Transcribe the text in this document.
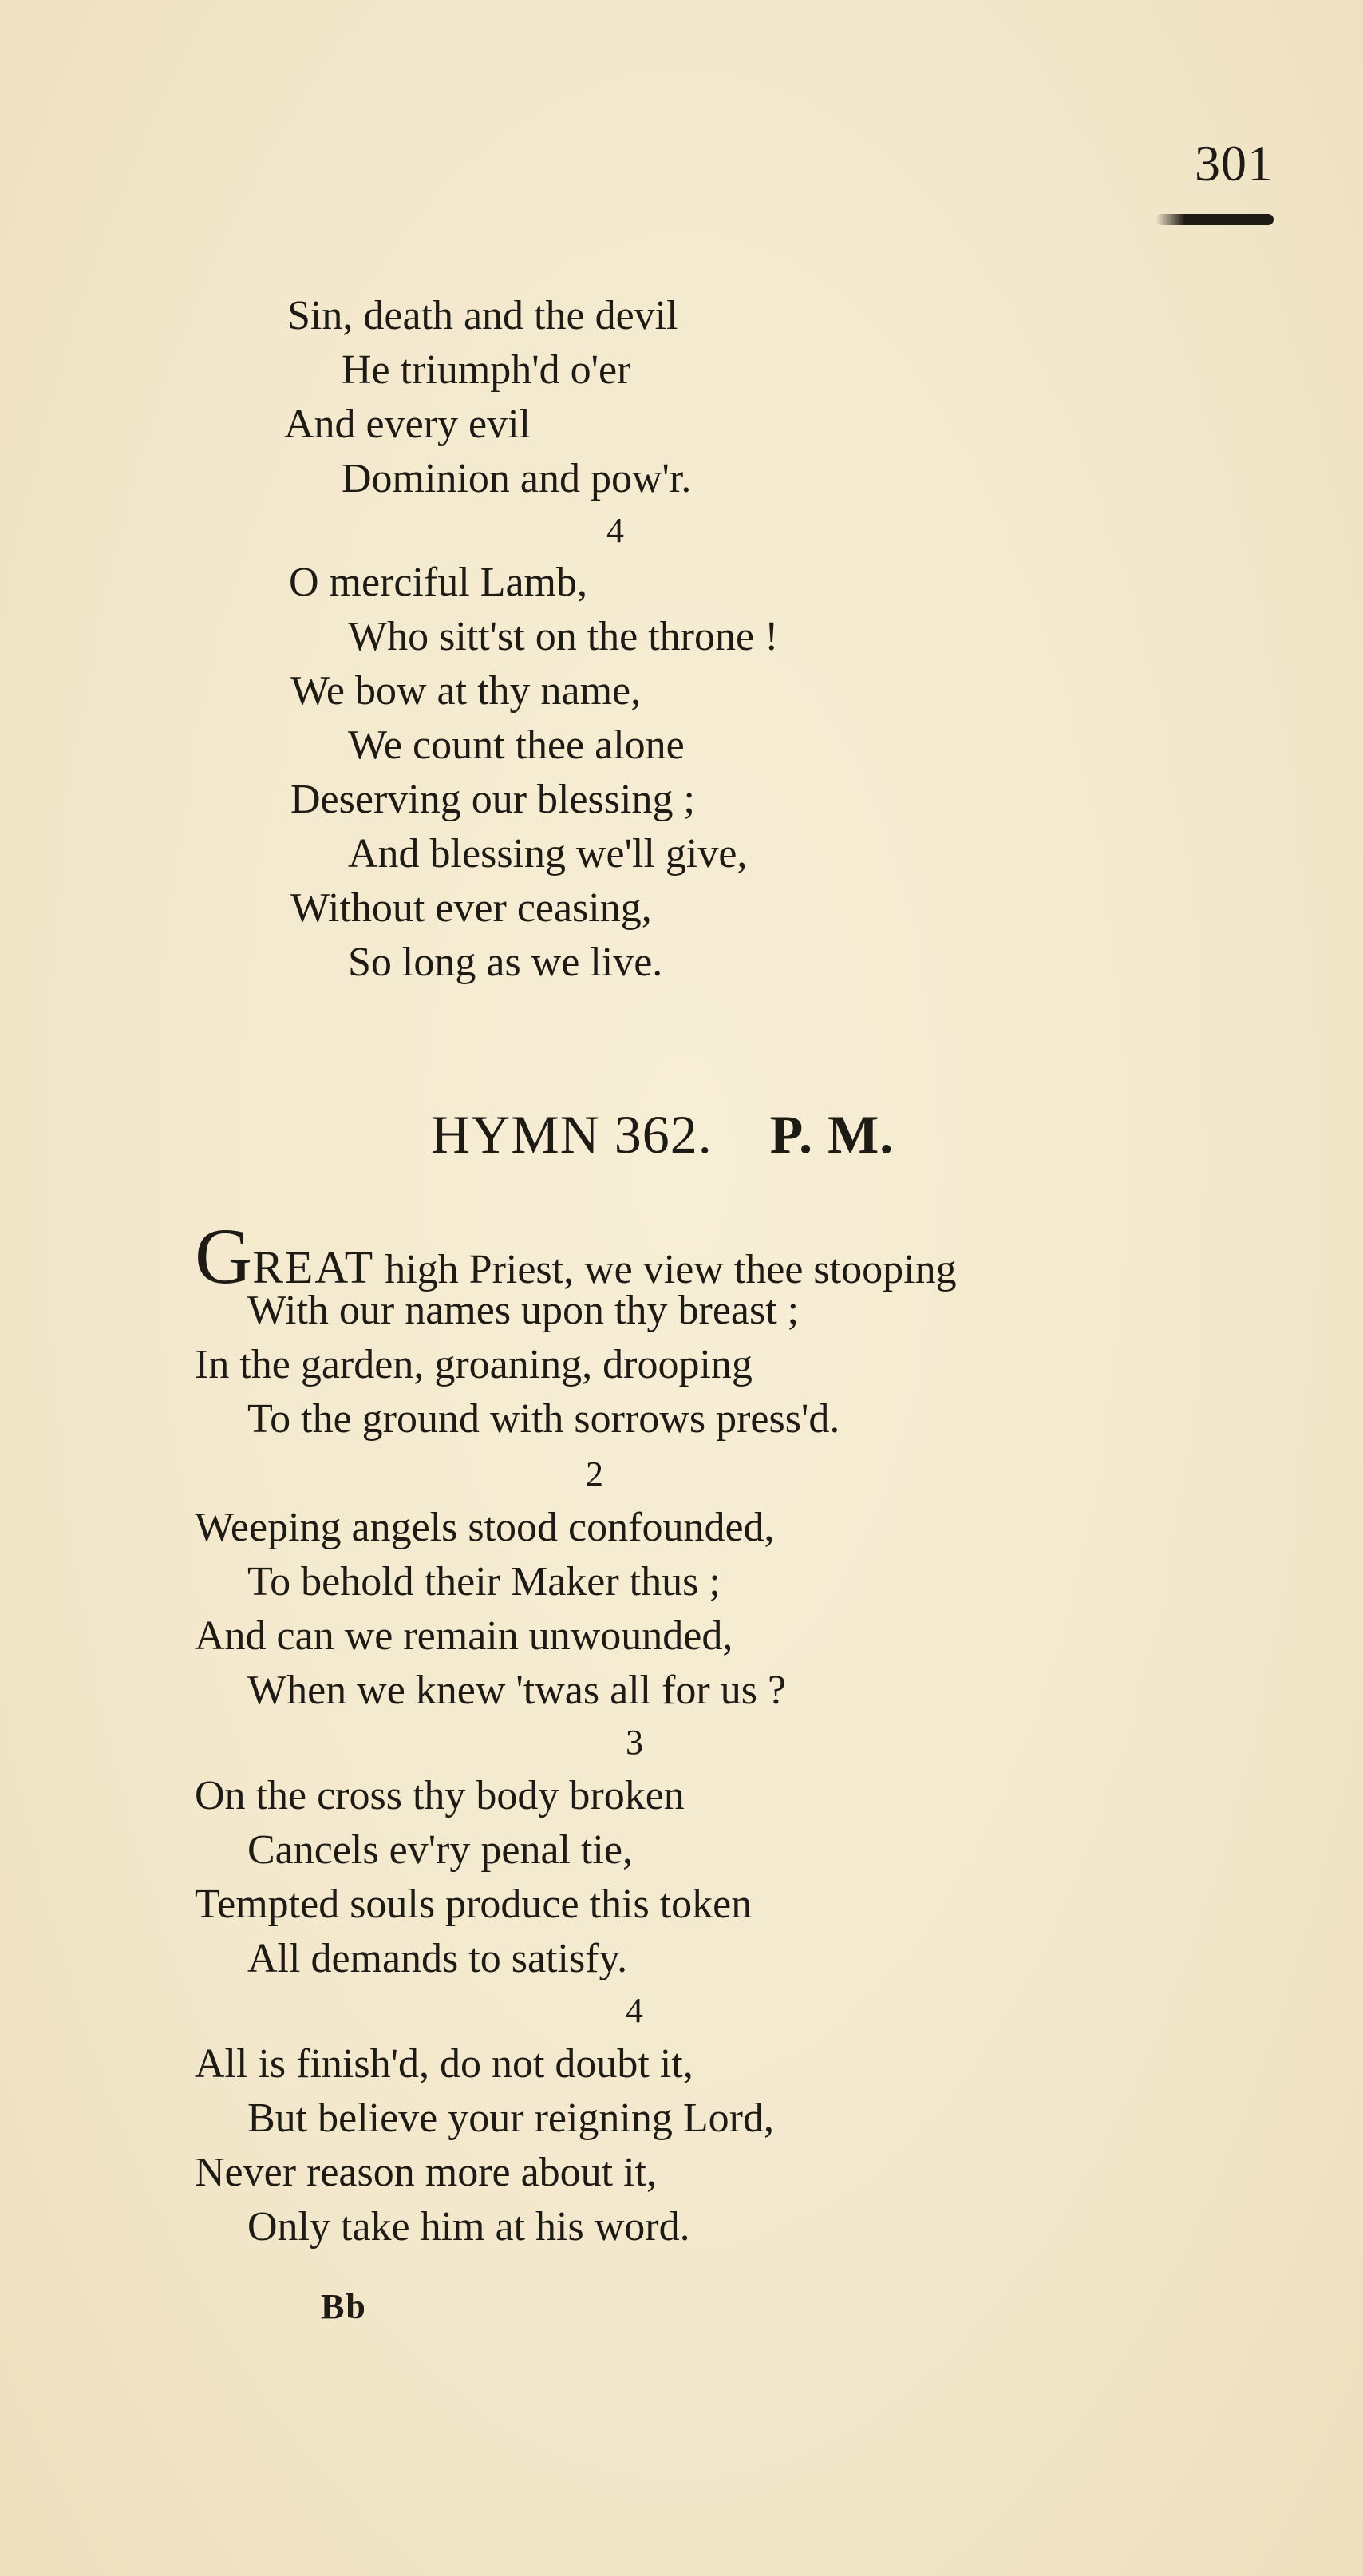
301
Sin, death and the devil
He triumph'd o'er
And every evil
Dominion and pow'r.
4
O merciful Lamb,
Who sitt'st on the throne !
We bow at thy name,
We count thee alone
Deserving our blessing ;
And blessing we'll give,
Without ever ceasing,
So long as we live.
HYMN 362. P. M.
GREAT high Priest, we view thee stooping
With our names upon thy breast ;
In the garden, groaning, drooping
To the ground with sorrows press'd.
2
Weeping angels stood confounded,
To behold their Maker thus ;
And can we remain unwounded,
When we knew 'twas all for us ?
3
On the cross thy body broken
Cancels ev'ry penal tie,
Tempted souls produce this token
All demands to satisfy.
4
All is finish'd, do not doubt it,
But believe your reigning Lord,
Never reason more about it,
Only take him at his word.
Bb
